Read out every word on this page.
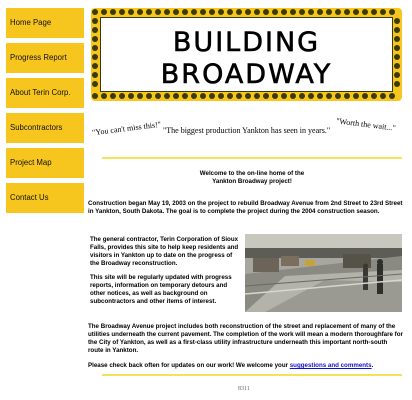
Home Page
Progress Report
About Terin Corp.
Subcontractors
Project Map
Contact Us
BUILDING
BROADWAY
"You can't miss this!" "The biggest production Yankton has seen in years." "Worth the wait..."
Welcome to the on-line home of the
Yankton Broadway project!
Construction began May 19, 2003 on the project to rebuild Broadway Avenue from 2nd Street to 23rd Street in Yankton, South Dakota. The goal is to complete the project during the 2004 construction season.
The general contractor, Terin Corporation of Sioux Falls, provides this site to help keep residents and visitors in Yankton up to date on the progress of the Broadway reconstruction.
This site will be regularly updated with progress reports, information on temporary detours and other notices, as well as background on subcontractors and other items of interest.
The Broadway Avenue project includes both reconstruction of the street and replacement of many of the utilities underneath the current pavement. The completion of the work will mean a modern thoroughfare for the City of Yankton, as well as a first-class utility infrastructure underneath this important north-south route in Yankton.
Please check back often for updates on our work! We welcome your suggestions and comments.
8311
